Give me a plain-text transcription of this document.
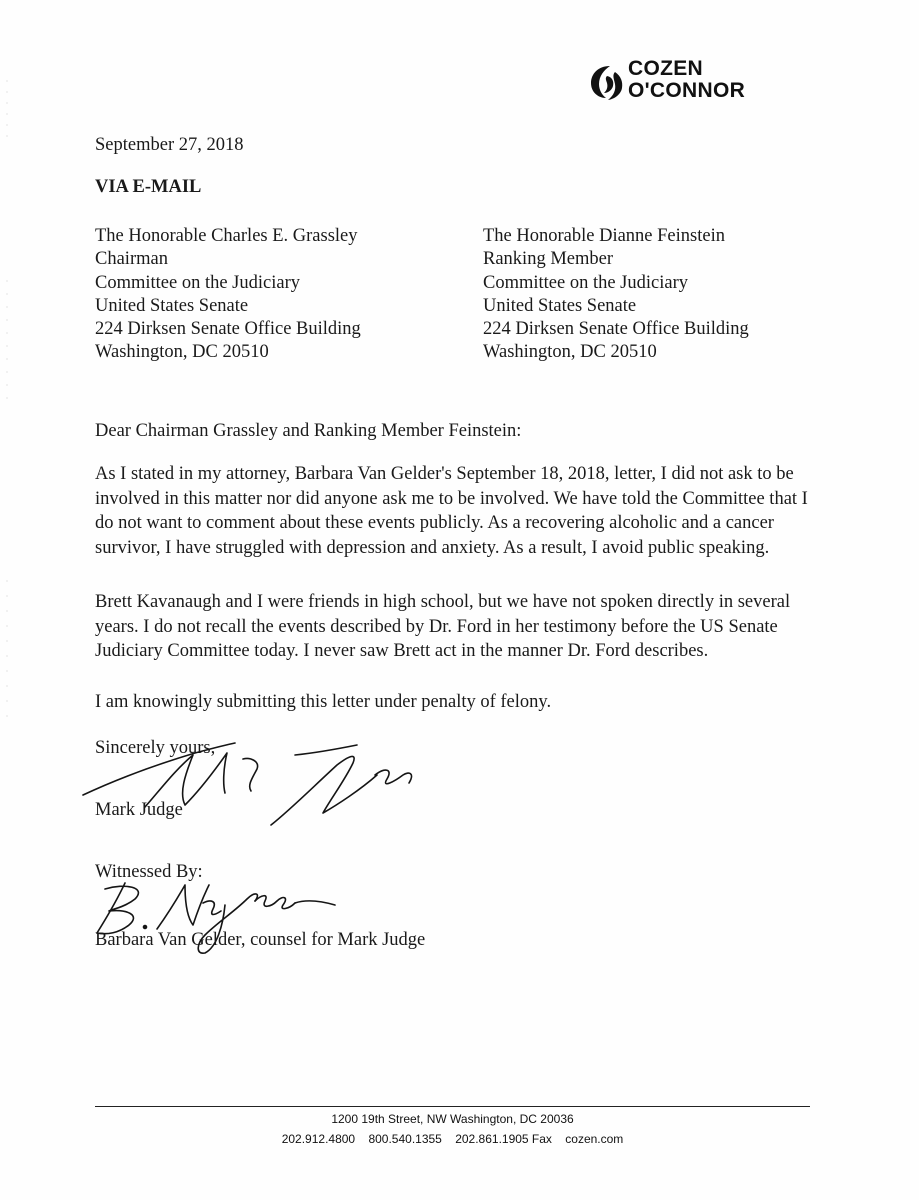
COZEN
O'CONNOR
September 27, 2018
VIA E-MAIL
The Honorable Charles E. Grassley
Chairman
Committee on the Judiciary
United States Senate
224 Dirksen Senate Office Building
Washington, DC 20510
The Honorable Dianne Feinstein
Ranking Member
Committee on the Judiciary
United States Senate
224 Dirksen Senate Office Building
Washington, DC 20510
Dear Chairman Grassley and Ranking Member Feinstein:
As I stated in my attorney, Barbara Van Gelder's September 18, 2018, letter, I did not ask to be
involved in this matter nor did anyone ask me to be involved. We have told the Committee that I
do not want to comment about these events publicly. As a recovering alcoholic and a cancer
survivor, I have struggled with depression and anxiety. As a result, I avoid public speaking.
Brett Kavanaugh and I were friends in high school, but we have not spoken directly in several
years. I do not recall the events described by Dr. Ford in her testimony before the US Senate
Judiciary Committee today. I never saw Brett act in the manner Dr. Ford describes.
I am knowingly submitting this letter under penalty of felony.
Sincerely yours,
Mark Judge
Witnessed By:
Barbara Van Gelder, counsel for Mark Judge
1200 19th Street, NW Washington, DC 20036
202.912.4800 800.540.1355 202.861.1905 Fax cozen.com
